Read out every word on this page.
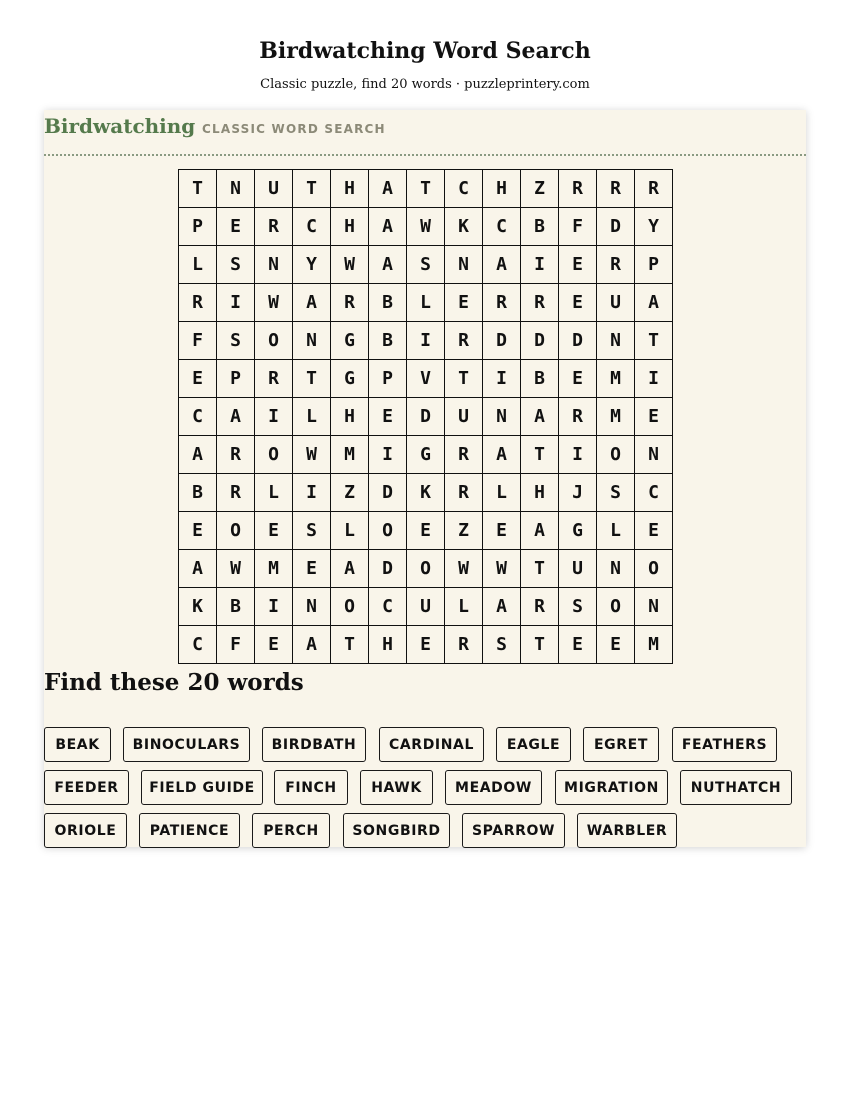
Birdwatching Word Search

Classic puzzle, find 20 words · puzzleprintery.com

Birdwatching CLASSIC WORD SEARCH
T	N	U	T	H	A	T	C	H	Z	R	R	R
P	E	R	C	H	A	W	K	C	B	F	D	Y
L	S	N	Y	W	A	S	N	A	I	E	R	P
R	I	W	A	R	B	L	E	R	R	E	U	A
F	S	O	N	G	B	I	R	D	D	D	N	T
E	P	R	T	G	P	V	T	I	B	E	M	I
C	A	I	L	H	E	D	U	N	A	R	M	E
A	R	O	W	M	I	G	R	A	T	I	O	N
B	R	L	I	Z	D	K	R	L	H	J	S	C
E	O	E	S	L	O	E	Z	E	A	G	L	E
A	W	M	E	A	D	O	W	W	T	U	N	O
K	B	I	N	O	C	U	L	A	R	S	O	N
C	F	E	A	T	H	E	R	S	T	E	E	M
Find these 20 words
BEAK	BINOCULARS	BIRDBATH	CARDINAL	EAGLE	EGRET	FEATHERS
FEEDER	FIELD GUIDE	FINCH	HAWK	MEADOW	MIGRATION	NUTHATCH
ORIOLE	PATIENCE	PERCH	SONGBIRD	SPARROW	WARBLER
